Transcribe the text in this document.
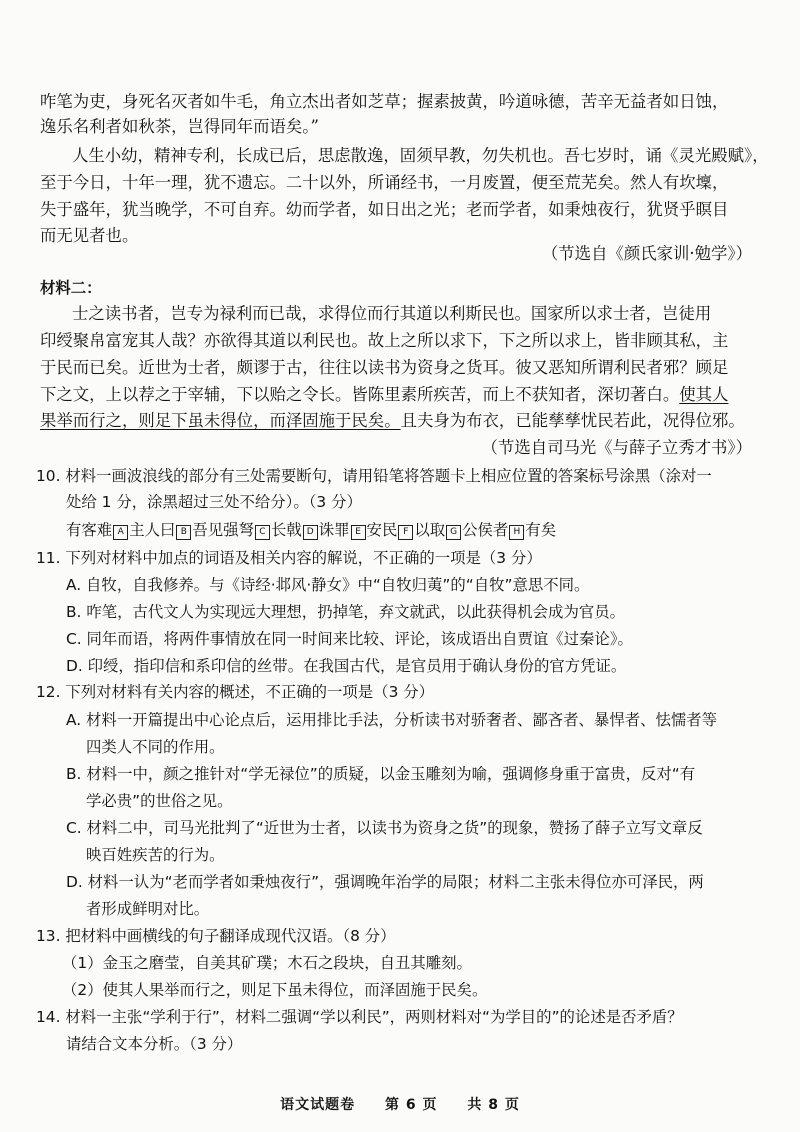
咋笔为吏，身死名灭者如牛毛，角立杰出者如芝草；握素披黄，吟道咏德，苦辛无益者如日蚀，
逸乐名利者如秋茶，岂得同年而语矣。”
人生小幼，精神专利，长成已后，思虑散逸，固须早教，勿失机也。吾七岁时，诵《灵光殿赋》，
至于今日，十年一理，犹不遗忘。二十以外，所诵经书，一月废置，便至荒芜矣。然人有坎壈，
失于盛年，犹当晚学，不可自弃。幼而学者，如日出之光；老而学者，如秉烛夜行，犹贤乎瞑目
而无见者也。
（节选自《颜氏家训·勉学》）
材料二：
士之读书者，岂专为禄利而已哉，求得位而行其道以利斯民也。国家所以求士者，岂徒用
印绶聚帛富宠其人哉？亦欲得其道以利民也。故上之所以求下，下之所以求上，皆非顾其私，主
于民而已矣。近世为士者，颇谬于古，往往以读书为资身之货耳。彼又恶知所谓利民者邪？顾足
下之文，上以荐之于宰辅，下以贻之令长。皆陈里素所疾苦，而上不获知者，深切著白。使其人
果举而行之，则足下虽未得位，而泽固施于民矣。且夫身为布衣，已能孳孳忧民若此，况得位邪。
（节选自司马光《与薛子立秀才书》）
10. 材料一画波浪线的部分有三处需要断句，请用铅笔将答题卡上相应位置的答案标号涂黑（涂对一
处给 1 分，涂黑超过三处不给分）。（3 分）
有客难 A 主人曰 B 吾见强弩 C 长戟 D 诛罪 E 安民 F 以取 G 公侯者 H 有矣
11. 下列对材料中加点的词语及相关内容的解说，不正确的一项是（3 分）
A. 自牧，自我修养。与《诗经·邶风·静女》中“自牧归荑”的“自牧”意思不同。
B. 咋笔，古代文人为实现远大理想，扔掉笔，弃文就武，以此获得机会成为官员。
C. 同年而语，将两件事情放在同一时间来比较、评论，该成语出自贾谊《过秦论》。
D. 印绶，指印信和系印信的丝带。在我国古代，是官员用于确认身份的官方凭证。
12. 下列对材料有关内容的概述，不正确的一项是（3 分）
A. 材料一开篇提出中心论点后，运用排比手法，分析读书对骄奢者、鄙吝者、暴悍者、怯懦者等
四类人不同的作用。
B. 材料一中，颜之推针对“学无禄位”的质疑，以金玉雕刻为喻，强调修身重于富贵，反对“有
学必贵”的世俗之见。
C. 材料二中，司马光批判了“近世为士者，以读书为资身之货”的现象，赞扬了薛子立写文章反
映百姓疾苦的行为。
D. 材料一认为“老而学者如秉烛夜行”，强调晚年治学的局限；材料二主张未得位亦可泽民，两
者形成鲜明对比。
13. 把材料中画横线的句子翻译成现代汉语。（8 分）
（1）金玉之磨莹，自美其矿璞；木石之段块，自丑其雕刻。
（2）使其人果举而行之，则足下虽未得位，而泽固施于民矣。
14. 材料一主张“学利于行”，材料二强调“学以利民”，两则材料对“为学目的”的论述是否矛盾？
请结合文本分析。（3 分）
语文试题卷 第 6 页 共 8 页
